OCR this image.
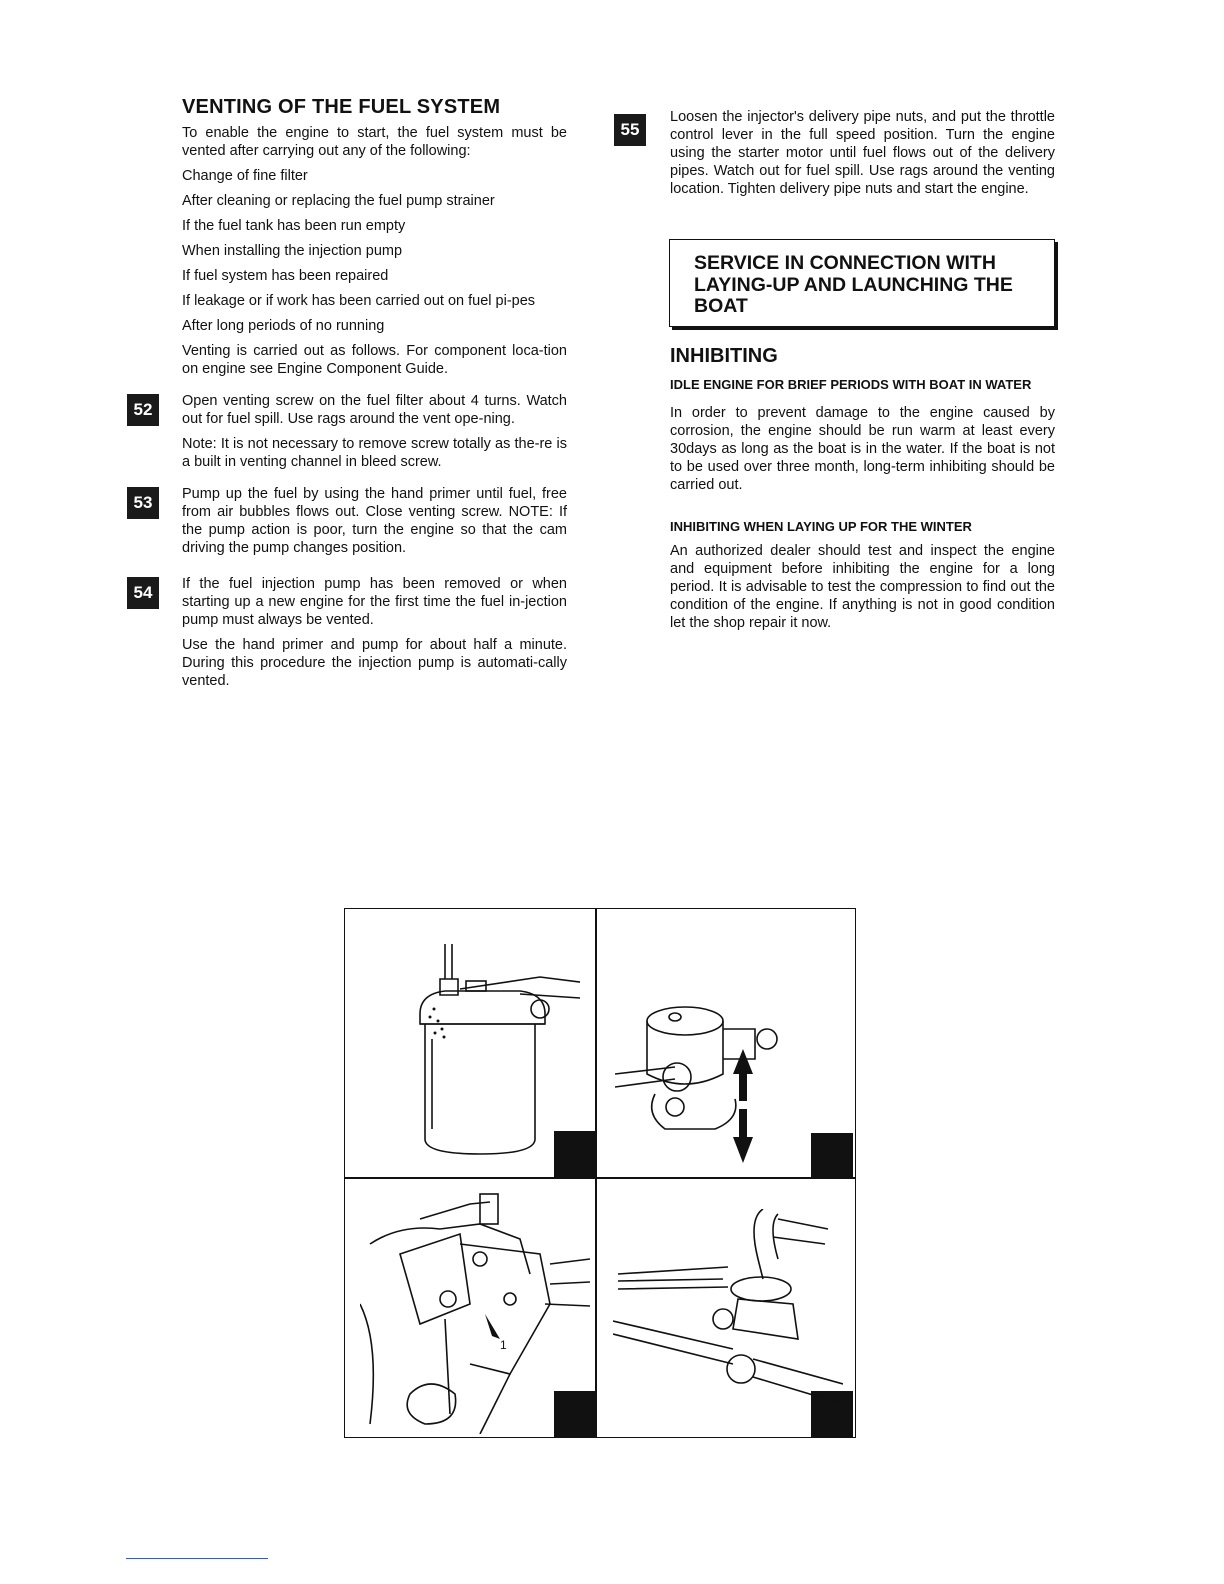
VENTING OF THE FUEL SYSTEM

To enable the engine to start, the fuel system must be vented after carrying out any of the following:

Change of fine filter

After cleaning or replacing the fuel pump strainer

If the fuel tank has been run empty

When installing the injection pump

If fuel system has been repaired

If leakage or if work has been carried out on fuel pi-pes

After long periods of no running

Venting is carried out as follows. For component loca-tion on engine see Engine Component Guide.

52	Open venting screw on the fuel filter about 4 turns. Watch out for fuel spill. Use rags around the vent ope-ning.

Note: It is not necessary to remove screw totally as the-re is a built in venting channel in bleed screw.

53	Pump up the fuel by using the hand primer until fuel, free from air bubbles flows out. Close venting screw. NOTE: If the pump action is poor, turn the engine so that the cam driving the pump changes position.

54	If the fuel injection pump has been removed or when starting up a new engine for the first time the fuel in-jection pump must always be vented.

Use the hand primer and pump for about half a minute. During this procedure the injection pump is automati-cally vented.

55

Loosen the injector's delivery pipe nuts, and put the throttle control lever in the full speed position. Turn the engine using the starter motor until fuel flows out of the delivery pipes. Watch out for fuel spill. Use rags around the venting location. Tighten delivery pipe nuts and start the engine.

SERVICE IN CONNECTION WITH
LAYING-UP AND LAUNCHING THE
BOAT
INHIBITING

IDLE ENGINE FOR BRIEF PERIODS WITH BOAT IN WATER

In order to prevent damage to the engine caused by corrosion, the engine should be run warm at least every 30days as long as the boat is in the water. If the boat is not to be used over three month, long-term inhibiting should be carried out.

INHIBITING WHEN LAYING UP FOR THE WINTER

An authorized dealer should test and inspect the engine and equipment before inhibiting the engine for a long period. It is advisable to test the compression to find out the condition of the engine. If anything is not in good condition let the shop repair it now.

1
